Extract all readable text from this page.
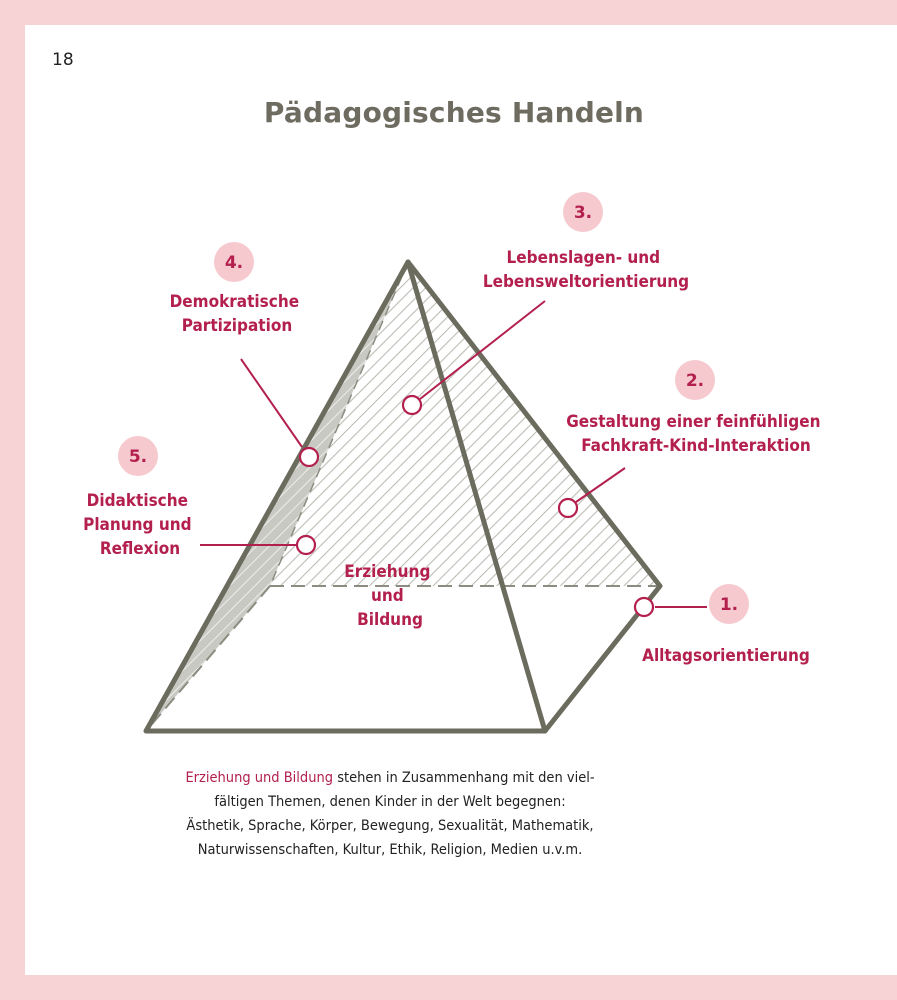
18
Pädagogisches Handeln
1.
2.
3.
4.
5.
Alltagsorientierung
Gestaltung einer feinfühligen Fachkraft-Kind-Interaktion
Lebenslagen- und Lebensweltorientierung
Demokratische Partizipation
Didaktische Planung und Reflexion
Erziehung und Bildung
Erziehung und Bildung stehen in Zusammenhang mit den viel-
fältigen Themen, denen Kinder in der Welt begegnen:
Ästhetik, Sprache, Körper, Bewegung, Sexualität, Mathematik,
Naturwissenschaften, Kultur, Ethik, Religion, Medien u.v.m.
